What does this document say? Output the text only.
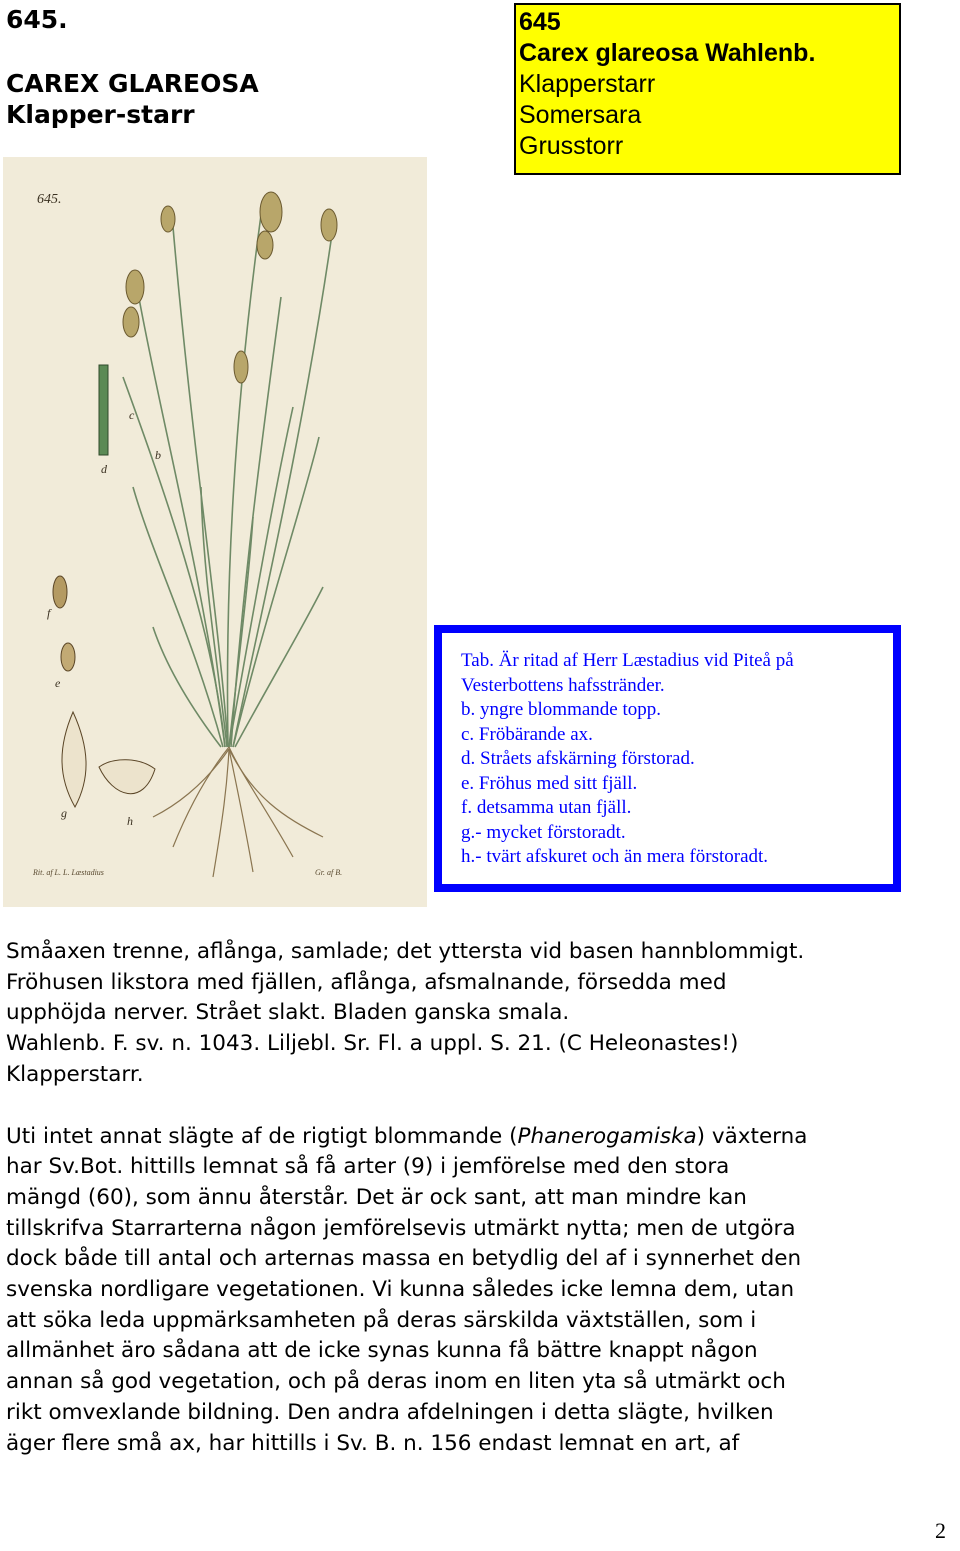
645.
CAREX GLAREOSA
Klapper-starr
645
Carex glareosa Wahlenb.
Klapperstarr
Somersara
Grusstorr
645.
b
c
d
e
f
g
h
Rit. af L. L. Læstadius	Gr. af B.
Tab. Är ritad af Herr Læstadius vid Piteå på
Vesterbottens hafsstränder.
b. yngre blommande topp.
c. Fröbärande ax.
d. Stråets afskärning förstorad.
e. Fröhus med sitt fjäll.
f. detsamma utan fjäll.
g.- mycket förstoradt.
h.- tvärt afskuret och än mera förstoradt.

Småaxen trenne, aflånga, samlade; det yttersta vid basen hannblommigt.
Fröhusen likstora med fjällen, aflånga, afsmalnande, försedda med
upphöjda nerver. Strået slakt. Bladen ganska smala.
Wahlenb. F. sv. n. 1043. Liljebl. Sr. Fl. a uppl. S. 21. (C Heleonastes!)
Klapperstarr.

Uti intet annat slägte af de rigtigt blommande (Phanerogamiska) växterna
har Sv.Bot. hittills lemnat så få arter (9) i jemförelse med den stora
mängd (60), som ännu återstår. Det är ock sant, att man mindre kan
tillskrifva Starrarterna någon jemförelsevis utmärkt nytta; men de utgöra
dock både till antal och arternas massa en betydlig del af i synnerhet den
svenska nordligare vegetationen. Vi kunna således icke lemna dem, utan
att söka leda uppmärksamheten på deras särskilda växtställen, som i
allmänhet äro sådana att de icke synas kunna få bättre knappt någon
annan så god vegetation, och på deras inom en liten yta så utmärkt och
rikt omvexlande bildning. Den andra afdelningen i detta slägte, hvilken
äger flere små ax, har hittills i Sv. B. n. 156 endast lemnat en art, af

2
